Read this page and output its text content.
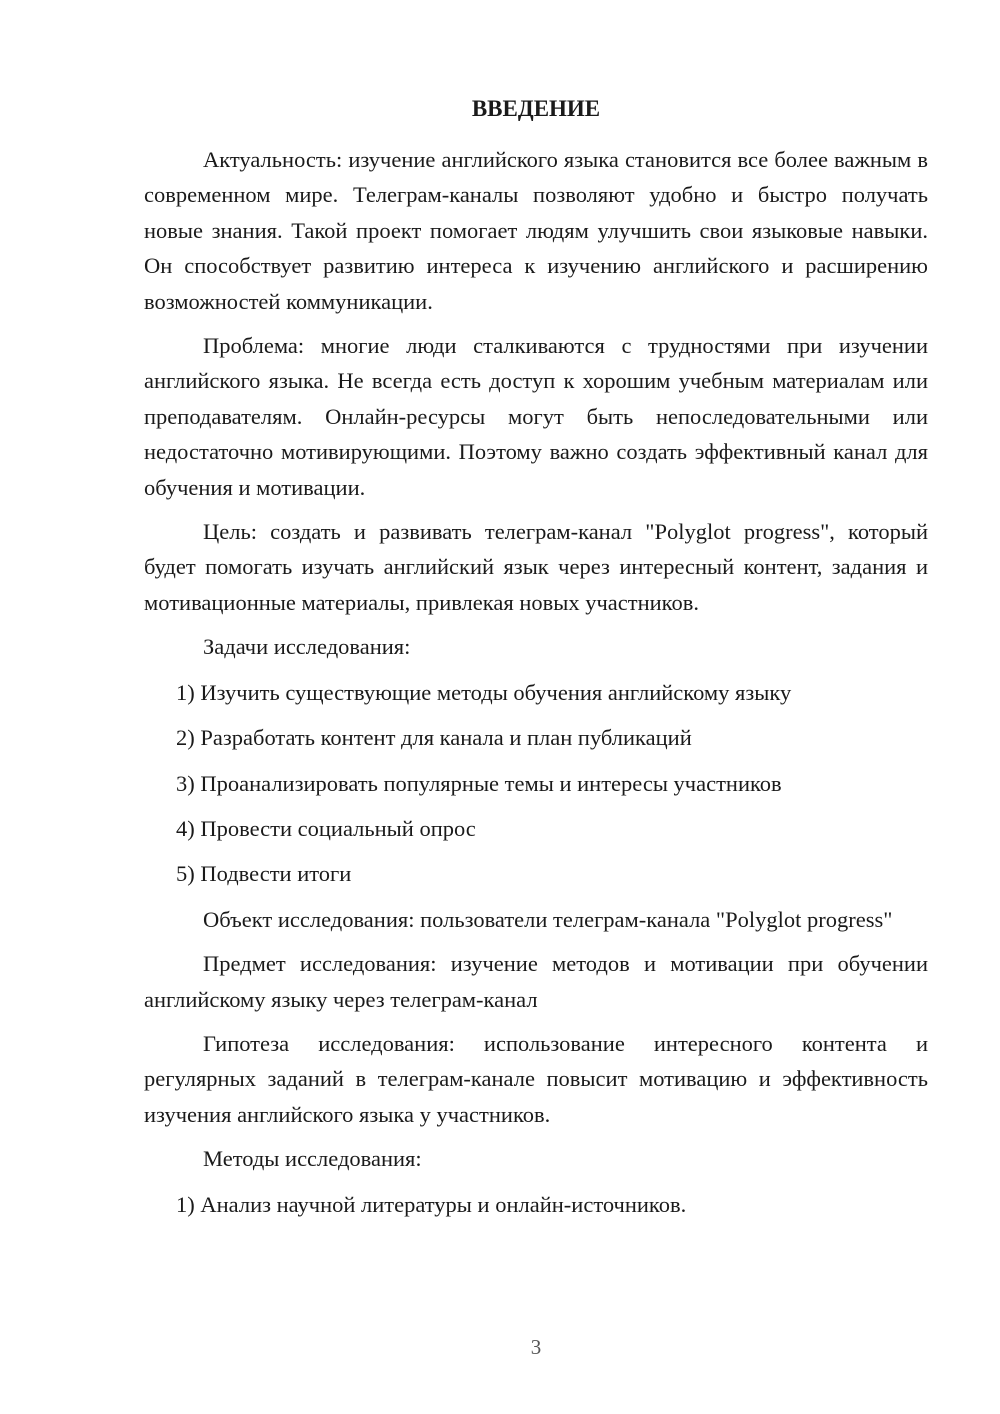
ВВЕДЕНИЕ

Актуальность: изучение английского языка становится все более важным в современном мире. Телеграм-каналы позволяют удобно и быстро получать новые знания. Такой проект помогает людям улучшить свои языковые навыки. Он способствует развитию интереса к изучению английского и расширению возможностей коммуникации.

Проблема: многие люди сталкиваются с трудностями при изучении английского языка. Не всегда есть доступ к хорошим учебным материалам или преподавателям. Онлайн-ресурсы могут быть непоследовательными или недостаточно мотивирующими. Поэтому важно создать эффективный канал для обучения и мотивации.

Цель: создать и развивать телеграм-канал "Polyglot progress", который будет помогать изучать английский язык через интересный контент, задания и мотивационные материалы, привлекая новых участников.

Задачи исследования:
1) Изучить существующие методы обучения английскому языку
2) Разработать контент для канала и план публикаций
3) Проанализировать популярные темы и интересы участников
4) Провести социальный опрос
5) Подвести итоги

Объект исследования: пользователи телеграм-канала "Polyglot progress"

Предмет исследования: изучение методов и мотивации при обучении английскому языку через телеграм-канал

Гипотеза исследования: использование интересного контента и регулярных заданий в телеграм-канале повысит мотивацию и эффективность изучения английского языка у участников.

Методы исследования:
1) Анализ научной литературы и онлайн-источников.
3
